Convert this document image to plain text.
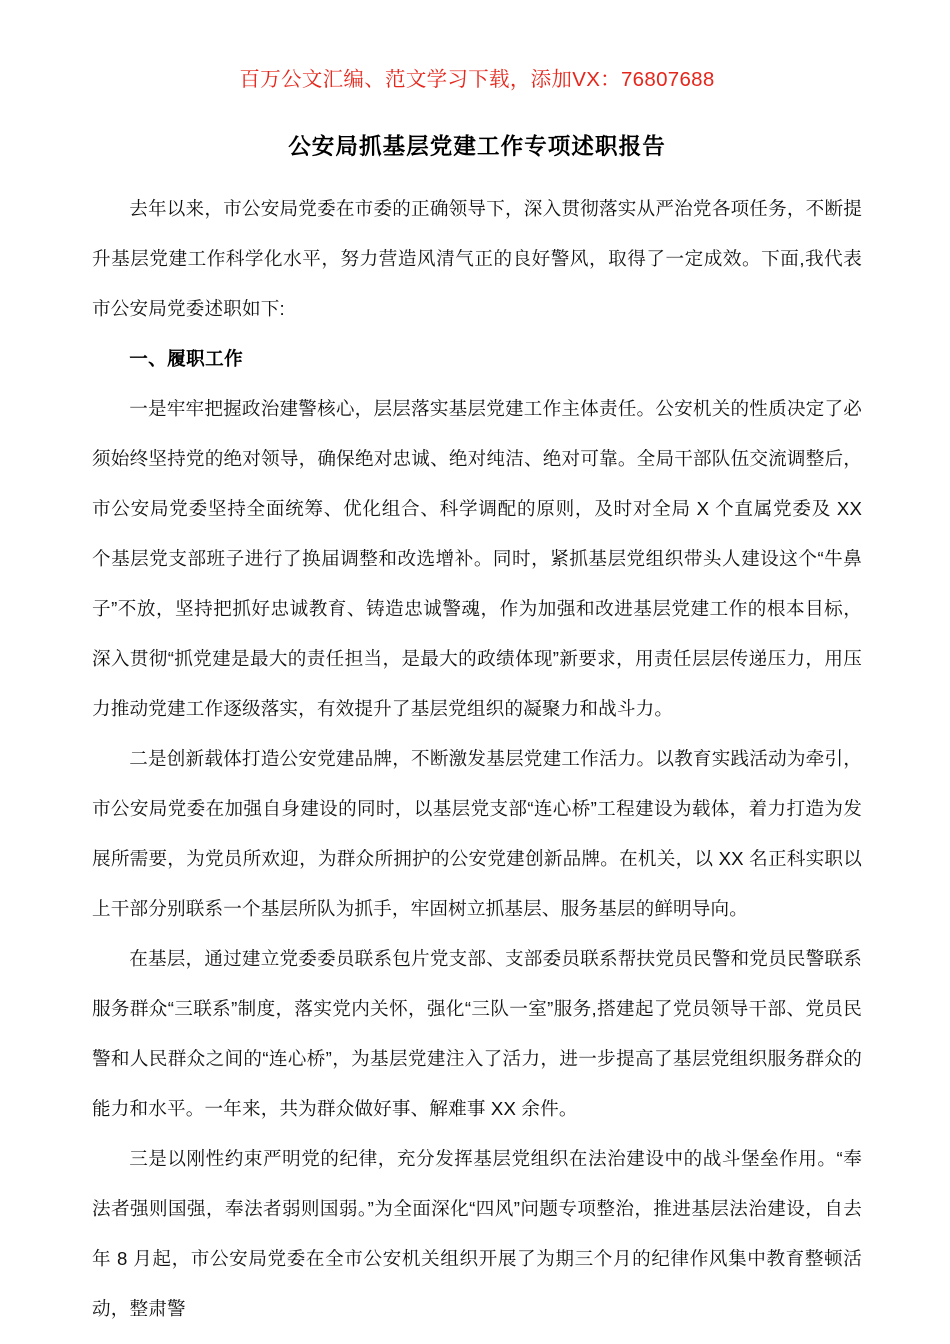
百万公文汇编、范文学习下载，添加VX：76807688
公安局抓基层党建工作专项述职报告

去年以来，市公安局党委在市委的正确领导下，深入贯彻落实从严治党各项任务，不断提升基层党建工作科学化水平，努力营造风清气正的良好警风，取得了一定成效。下面,我代表市公安局党委述职如下:

一、履职工作

一是牢牢把握政治建警核心，层层落实基层党建工作主体责任。公安机关的性质决定了必须始终坚持党的绝对领导，确保绝对忠诚、绝对纯洁、绝对可靠。全局干部队伍交流调整后，市公安局党委坚持全面统筹、优化组合、科学调配的原则，及时对全局 X 个直属党委及 XX 个基层党支部班子进行了换届调整和改选增补。同时，紧抓基层党组织带头人建设这个“牛鼻子”不放，坚持把抓好忠诚教育、铸造忠诚警魂，作为加强和改进基层党建工作的根本目标，深入贯彻“抓党建是最大的责任担当，是最大的政绩体现”新要求，用责任层层传递压力，用压力推动党建工作逐级落实，有效提升了基层党组织的凝聚力和战斗力。

二是创新载体打造公安党建品牌，不断激发基层党建工作活力。以教育实践活动为牵引，市公安局党委在加强自身建设的同时，以基层党支部“连心桥”工程建设为载体，着力打造为发展所需要，为党员所欢迎，为群众所拥护的公安党建创新品牌。在机关，以 XX 名正科实职以上干部分别联系一个基层所队为抓手，牢固树立抓基层、服务基层的鲜明导向。

在基层，通过建立党委委员联系包片党支部、支部委员联系帮扶党员民警和党员民警联系服务群众“三联系”制度，落实党内关怀，强化“三队一室”服务,搭建起了党员领导干部、党员民警和人民群众之间的“连心桥”，为基层党建注入了活力，进一步提高了基层党组织服务群众的能力和水平。一年来，共为群众做好事、解难事 XX 余件。

三是以刚性约束严明党的纪律，充分发挥基层党组织在法治建设中的战斗堡垒作用。“奉法者强则国强，奉法者弱则国弱。”为全面深化“四风”问题专项整治，推进基层法治建设，自去年 8 月起，市公安局党委在全市公安机关组织开展了为期三个月的纪律作风集中教育整顿活动，整肃警
